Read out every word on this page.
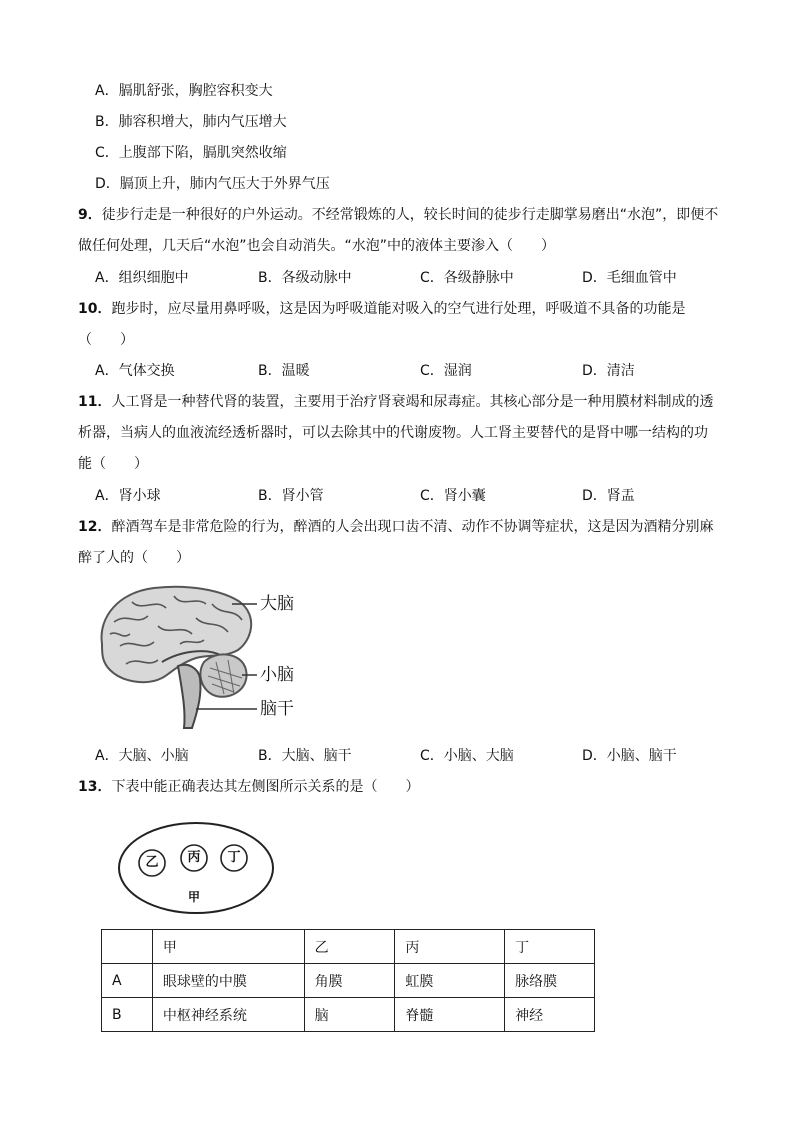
A．膈肌舒张，胸腔容积变大
B．肺容积增大，肺内气压增大
C．上腹部下陷，膈肌突然收缩
D．膈顶上升，肺内气压大于外界气压
9．徒步行走是一种很好的户外运动。不经常锻炼的人，较长时间的徒步行走脚掌易磨出“水泡”，即便不
做任何处理，几天后“水泡”也会自动消失。“水泡”中的液体主要渗入（　　）
A．组织细胞中	B．各级动脉中	C．各级静脉中	D．毛细血管中
10．跑步时，应尽量用鼻呼吸，这是因为呼吸道能对吸入的空气进行处理，呼吸道不具备的功能是
（　　）
A．气体交换	B．温暖	C．湿润	D．清洁
11．人工肾是一种替代肾的装置，主要用于治疗肾衰竭和尿毒症。其核心部分是一种用膜材料制成的透
析器，当病人的血液流经透析器时，可以去除其中的代谢废物。人工肾主要替代的是肾中哪一结构的功
能（　　）
A．肾小球	B．肾小管	C．肾小囊	D．肾盂
12．醉酒驾车是非常危险的行为，醉酒的人会出现口齿不清、动作不协调等症状，这是因为酒精分别麻
醉了人的（　　）
大脑
小脑
脑干
A．大脑、小脑	B．大脑、脑干	C．小脑、大脑	D．小脑、脑干
13．下表中能正确表达其左侧图所示关系的是（　　）
乙 丙 丁
甲
	甲	乙	丙	丁
A	眼球壁的中膜	角膜	虹膜	脉络膜
B	中枢神经系统	脑	脊髓	神经
